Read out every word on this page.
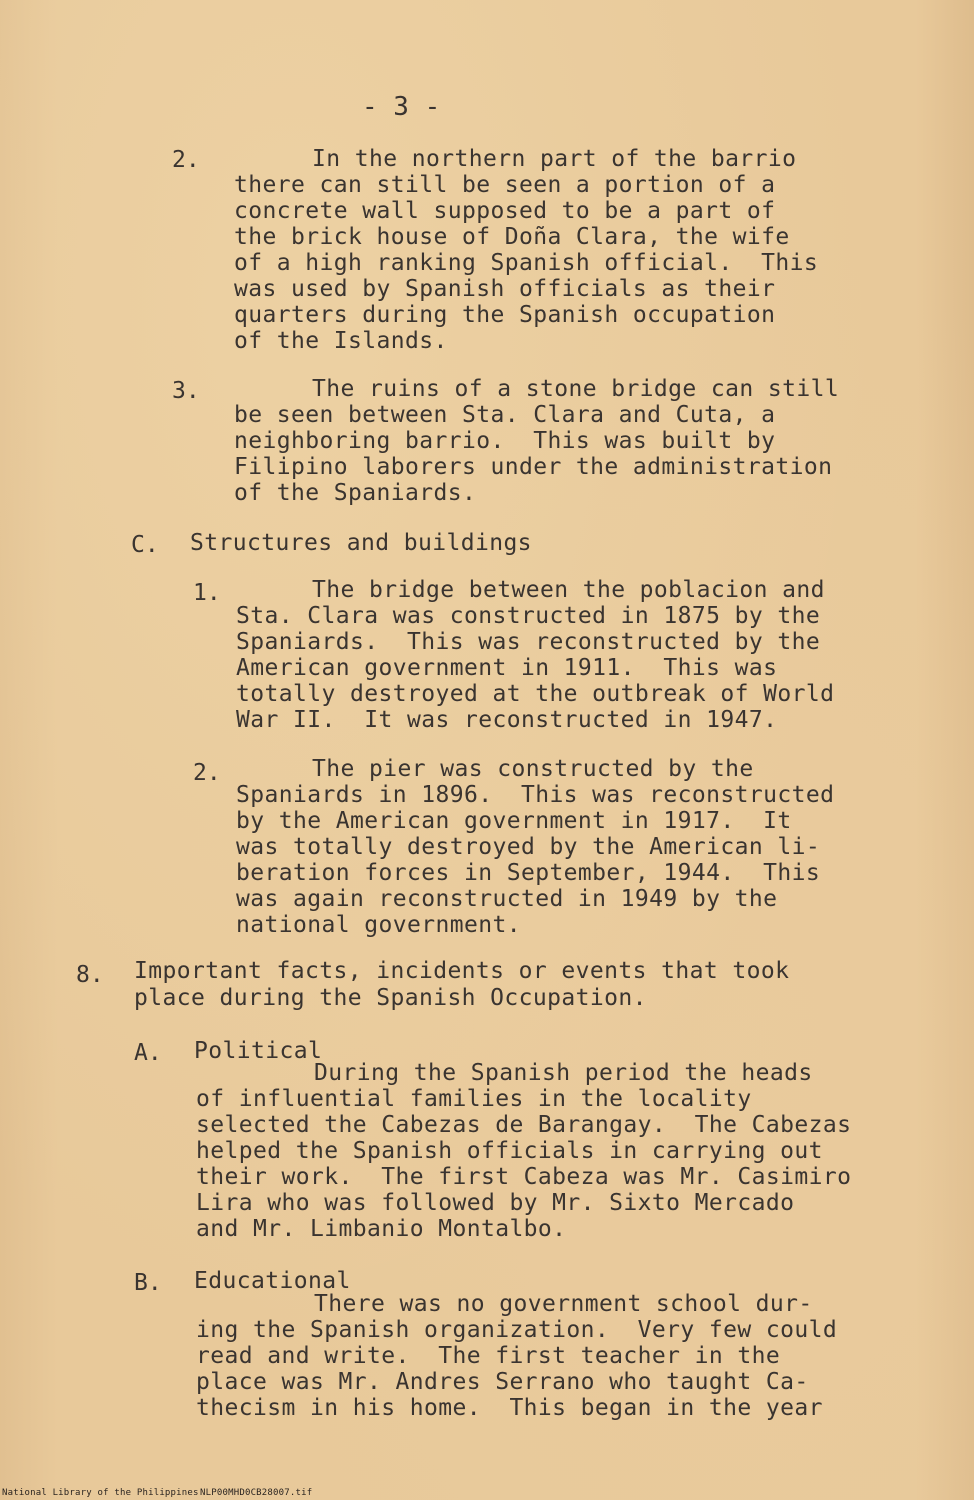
- 3 -
2.	In the northern part of the barrio
there can still be seen a portion of a
concrete wall supposed to be a part of
the brick house of Doña Clara, the wife
of a high ranking Spanish official.  This
was used by Spanish officials as their
quarters during the Spanish occupation
of the Islands.
3.	The ruins of a stone bridge can still
be seen between Sta. Clara and Cuta, a
neighboring barrio.  This was built by
Filipino laborers under the administration
of the Spaniards.
C. Structures and buildings
1.	The bridge between the poblacion and
Sta. Clara was constructed in 1875 by the
Spaniards.  This was reconstructed by the
American government in 1911.  This was
totally destroyed at the outbreak of World
War II.  It was reconstructed in 1947.
2.	The pier was constructed by the
Spaniards in 1896.  This was reconstructed
by the American government in 1917.  It
was totally destroyed by the American li-
beration forces in September, 1944.  This
was again reconstructed in 1949 by the
national government.
8. Important facts, incidents or events that took
place during the Spanish Occupation.
A. Political
During the Spanish period the heads
of influential families in the locality
selected the Cabezas de Barangay.  The Cabezas
helped the Spanish officials in carrying out
their work.  The first Cabeza was Mr. Casimiro
Lira who was followed by Mr. Sixto Mercado
and Mr. Limbanio Montalbo.
B. Educational
There was no government school dur-
ing the Spanish organization.  Very few could
read and write.  The first teacher in the
place was Mr. Andres Serrano who taught Ca-
thecism in his home.  This began in the year
National Library of the Philippines NLP00MHD0CB28007.tif
